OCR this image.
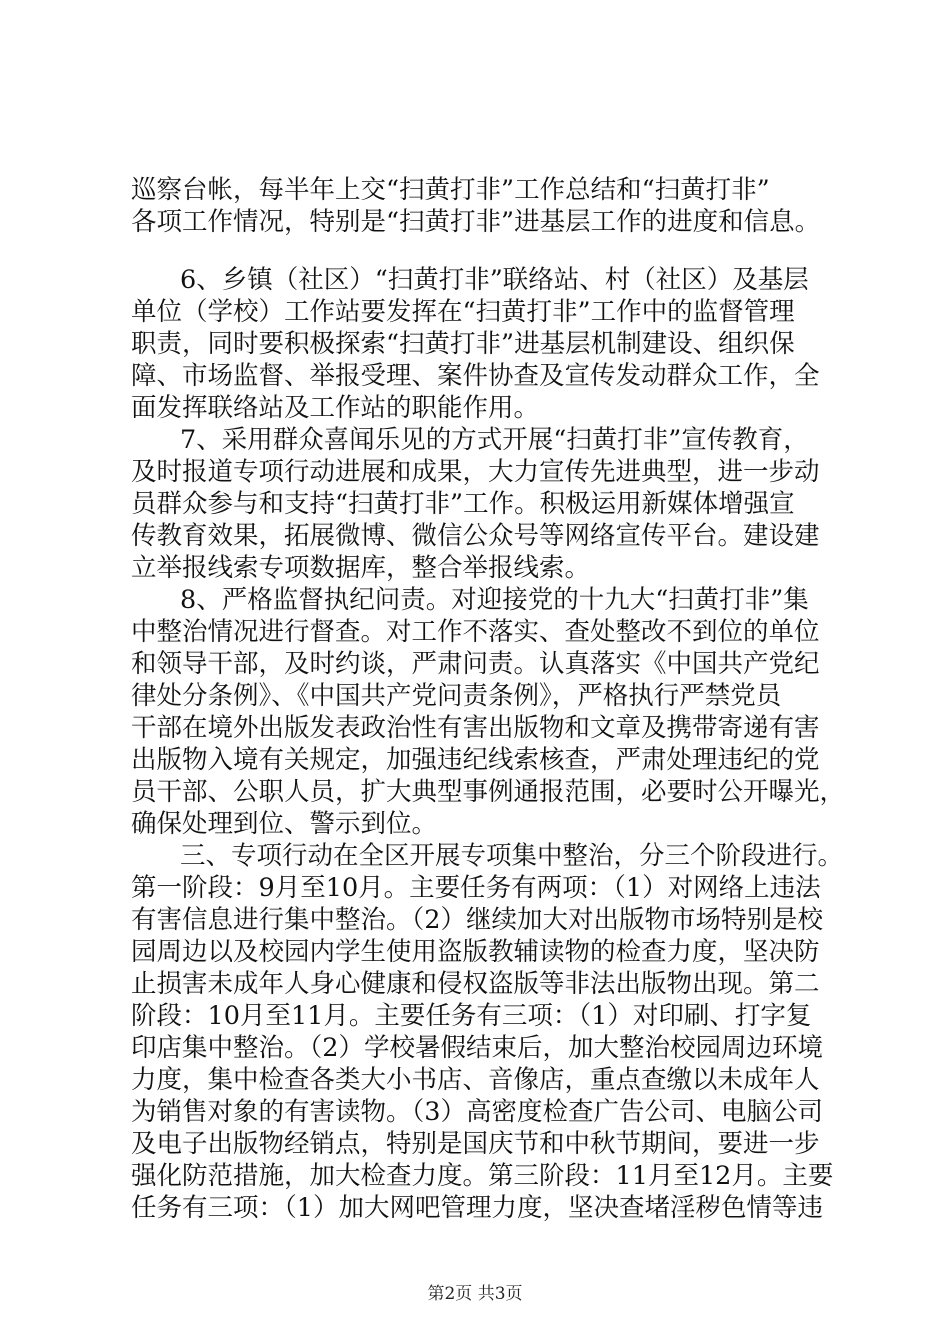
巡察台帐，每半年上交“扫黄打非”工作总结和“扫黄打非”
各项工作情况，特别是“扫黄打非”进基层工作的进度和信息。
6、乡镇（社区）“扫黄打非”联络站、村（社区）及基层
单位（学校）工作站要发挥在“扫黄打非”工作中的监督管理
职责，同时要积极探索“扫黄打非”进基层机制建设、组织保
障、市场监督、举报受理、案件协查及宣传发动群众工作，全
面发挥联络站及工作站的职能作用。
7、采用群众喜闻乐见的方式开展“扫黄打非”宣传教育，
及时报道专项行动进展和成果，大力宣传先进典型，进一步动
员群众参与和支持“扫黄打非”工作。积极运用新媒体增强宣
传教育效果，拓展微博、微信公众号等网络宣传平台。建设建
立举报线索专项数据库，整合举报线索。
8、严格监督执纪问责。对迎接党的十九大“扫黄打非”集
中整治情况进行督查。对工作不落实、查处整改不到位的单位
和领导干部，及时约谈，严肃问责。认真落实《中国共产党纪
律处分条例》、《中国共产党问责条例》，严格执行严禁党员
干部在境外出版发表政治性有害出版物和文章及携带寄递有害
出版物入境有关规定，加强违纪线索核查，严肃处理违纪的党
员干部、公职人员，扩大典型事例通报范围，必要时公开曝光，
确保处理到位、警示到位。
三、专项行动在全区开展专项集中整治，分三个阶段进行。
第一阶段：9月至10月。主要任务有两项：（1）对网络上违法
有害信息进行集中整治。（2）继续加大对出版物市场特别是校
园周边以及校园内学生使用盗版教辅读物的检查力度，坚决防
止损害未成年人身心健康和侵权盗版等非法出版物出现。第二
阶段：10月至11月。主要任务有三项：（1）对印刷、打字复
印店集中整治。（2）学校暑假结束后，加大整治校园周边环境
力度，集中检查各类大小书店、音像店，重点查缴以未成年人
为销售对象的有害读物。（3）高密度检查广告公司、电脑公司
及电子出版物经销点，特别是国庆节和中秋节期间，要进一步
强化防范措施，加大检查力度。第三阶段：11月至12月。主要
任务有三项：（1）加大网吧管理力度，坚决查堵淫秽色情等违
第2页 共3页
